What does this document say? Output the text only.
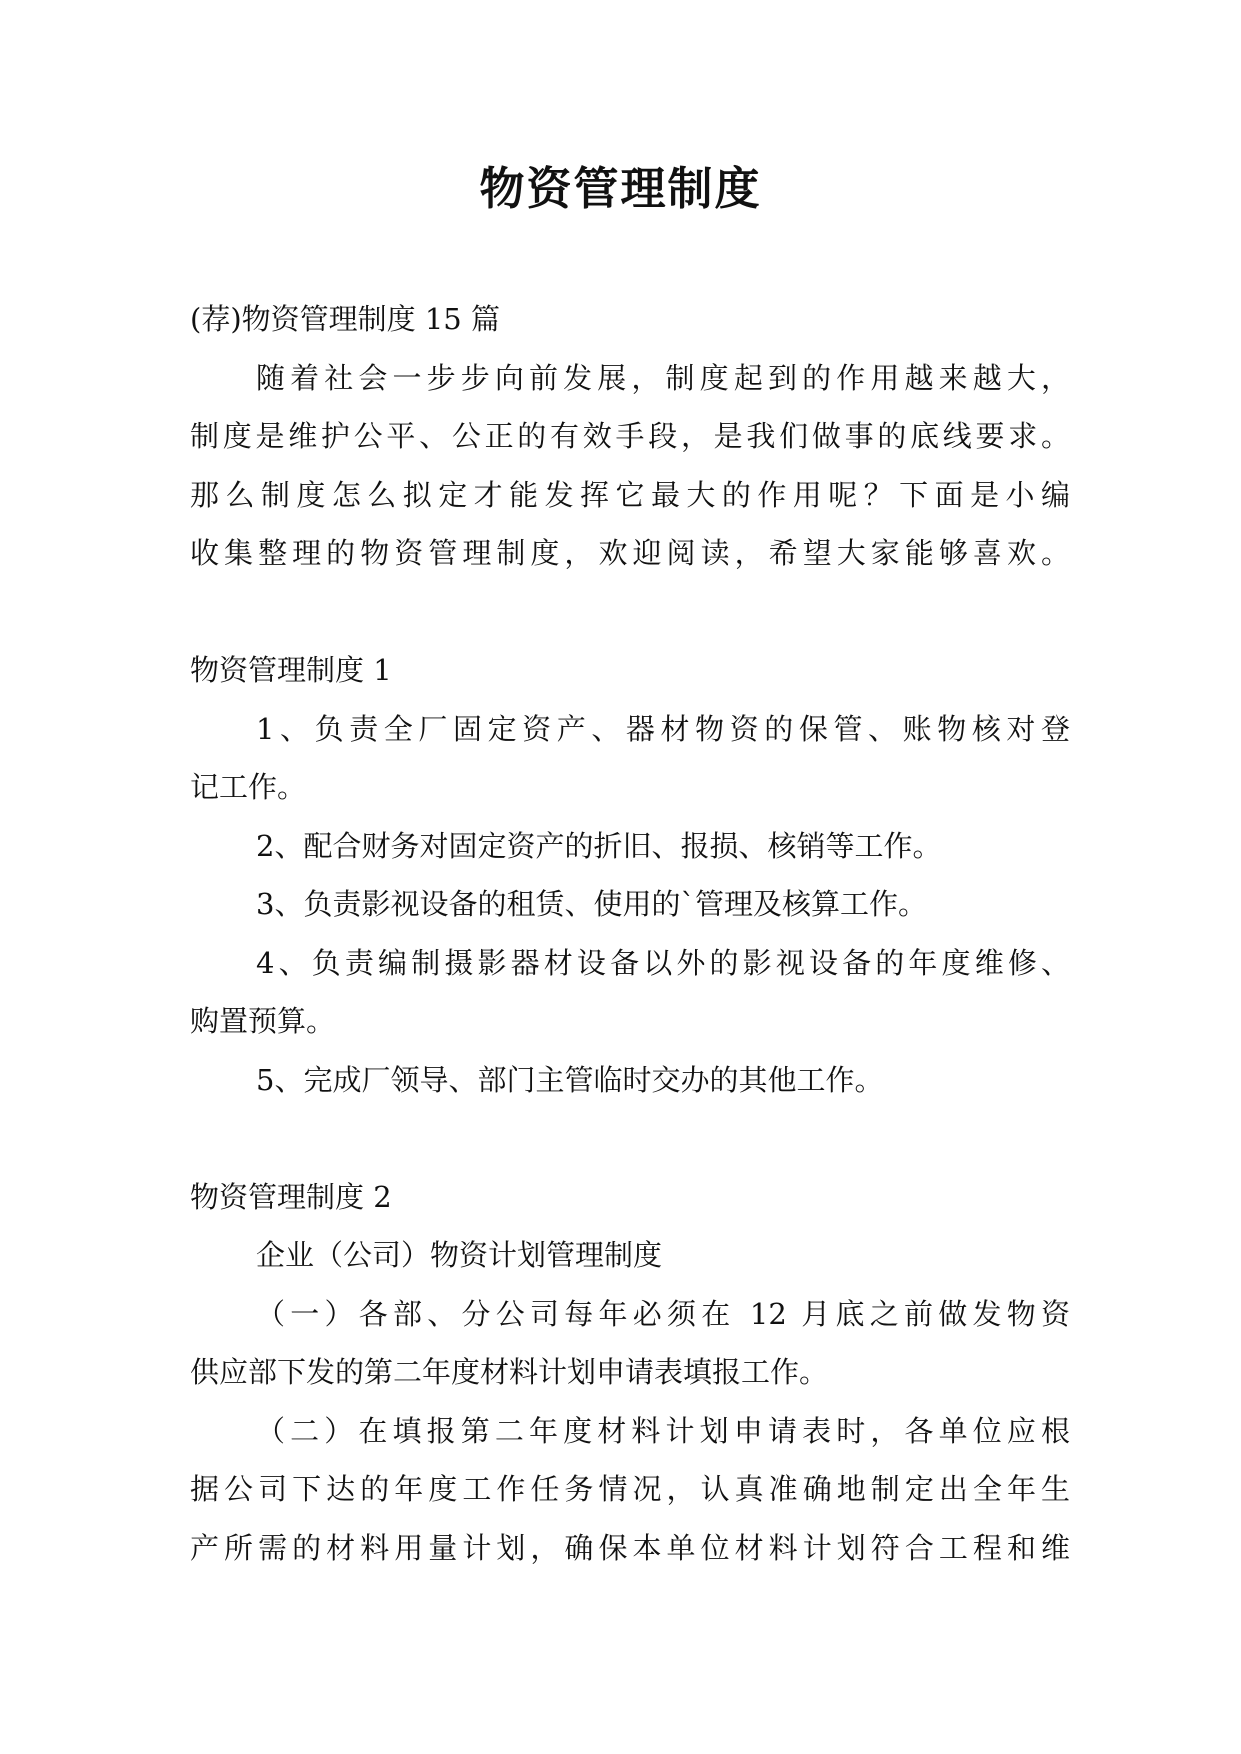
物资管理制度
(荐)物资管理制度 15 篇
随着社会一步步向前发展，制度起到的作用越来越大，
制度是维护公平、公正的有效手段，是我们做事的底线要求。
那么制度怎么拟定才能发挥它最大的作用呢？下面是小编
收集整理的物资管理制度，欢迎阅读，希望大家能够喜欢。
物资管理制度 1
1、负责全厂固定资产、器材物资的保管、账物核对登
记工作。
2、配合财务对固定资产的折旧、报损、核销等工作。
3、负责影视设备的租赁、使用的`管理及核算工作。
4、负责编制摄影器材设备以外的影视设备的年度维修、
购置预算。
5、完成厂领导、部门主管临时交办的其他工作。
物资管理制度 2
企业（公司）物资计划管理制度
（一）各部、分公司每年必须在 12 月底之前做发物资
供应部下发的第二年度材料计划申请表填报工作。
（二）在填报第二年度材料计划申请表时，各单位应根
据公司下达的年度工作任务情况，认真准确地制定出全年生
产所需的材料用量计划，确保本单位材料计划符合工程和维
